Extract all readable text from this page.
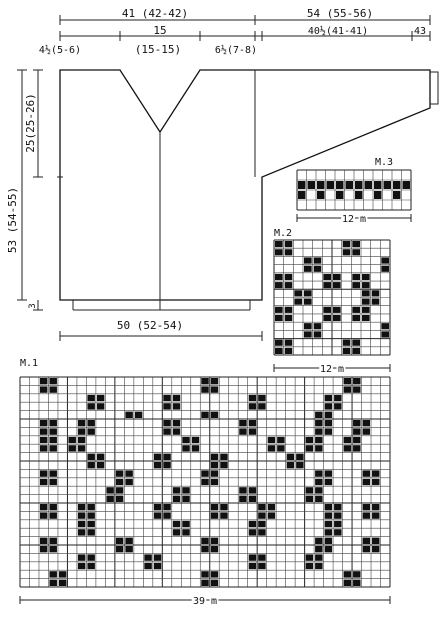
41 (42-42)	54 (55-56)
15	40½(41-41)	43
4½(5-6)	(15-15)	6½(7-8)
25(25-26)
53 (54-55)
3
50 (52-54)
M.3
12 m
M.2
12 m
M.1
39 m
